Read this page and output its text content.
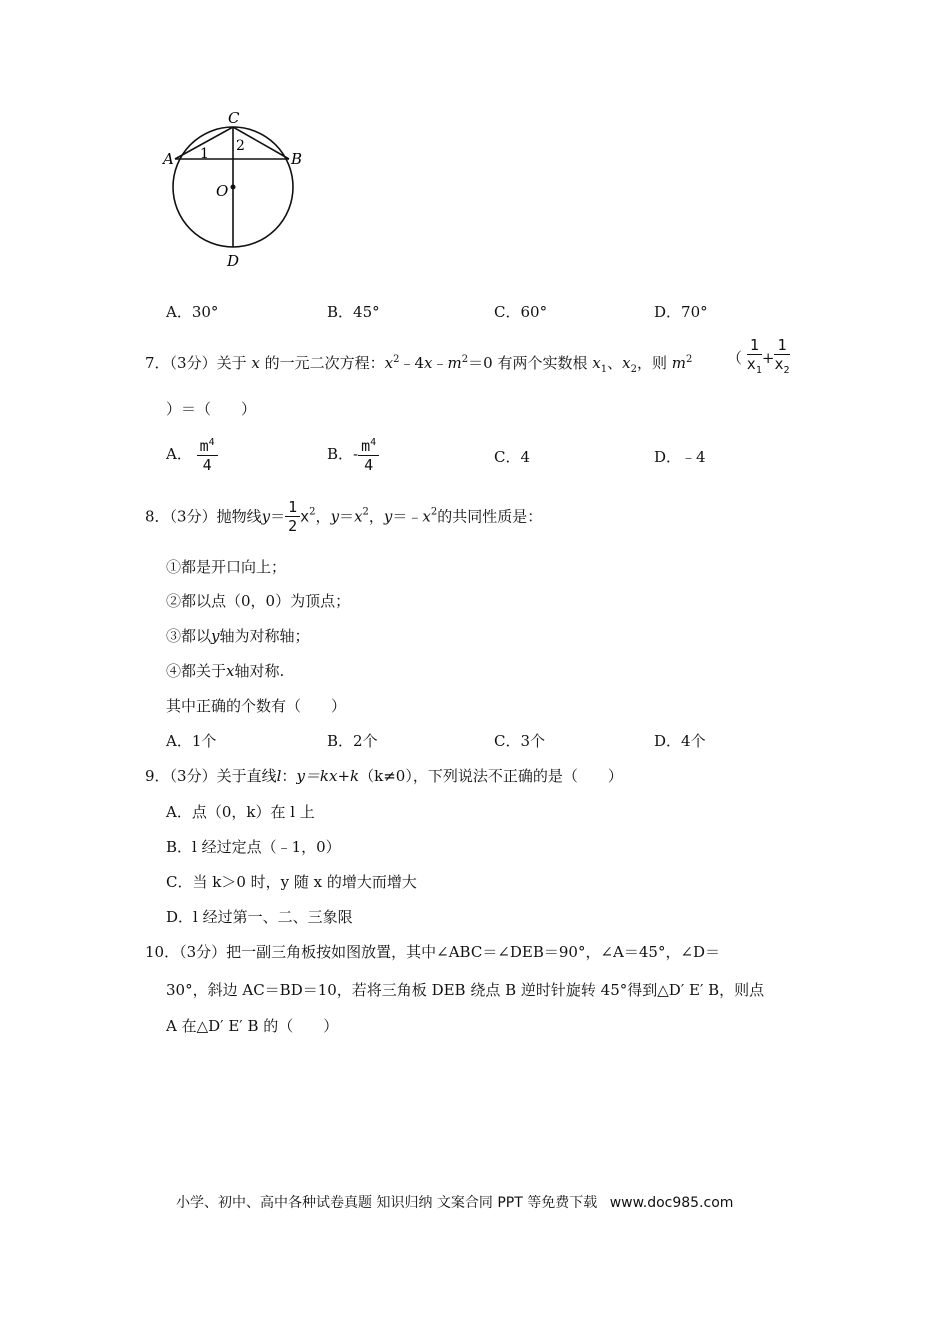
C
A	B
O
D
1 2
A．30°	B．45°	C．60°	D．70°
7．（3分）关于 x 的一元二次方程：$x^2﹣4x﹣m^2=0$ 有两个实数根 $x_1$、$x_2$，则 $m^2$ （ $\frac{1}{x_1} + \frac{1}{x_2}$
）＝（　　）
A． $\frac{m^4}{4}$	B．- $\frac{m^4}{4}$	C．4	D．﹣4
8．（3分）抛物线$y= \frac{1}{2} x^2$，$y=x^2$，$y=﹣x^2$的共同性质是：
①都是开口向上；
②都以点（0，0）为顶点；
③都以y轴为对称轴；
④都关于x轴对称.
其中正确的个数有（　　）
A．1个	B．2个	C．3个	D．4个
9．（3分）关于直线l：y＝kx+k（k≠0），下列说法不正确的是（　　）
A．点（0，k）在 l 上
B．l 经过定点（﹣1，0）
C．当 k＞0 时，y 随 x 的增大而增大
D．l 经过第一、二、三象限
10．（3分）把一副三角板按如图放置，其中∠ABC＝∠DEB＝90°，∠A＝45°，∠D＝
30°，斜边 AC＝BD＝10，若将三角板 DEB 绕点 B 逆时针旋转 45°得到△D′ E′ B，则点
A 在△D′ E′ B 的（　　）
小学、初中、高中各种试卷真题 知识归纳 文案合同 PPT 等免费下载 www.doc985.com
